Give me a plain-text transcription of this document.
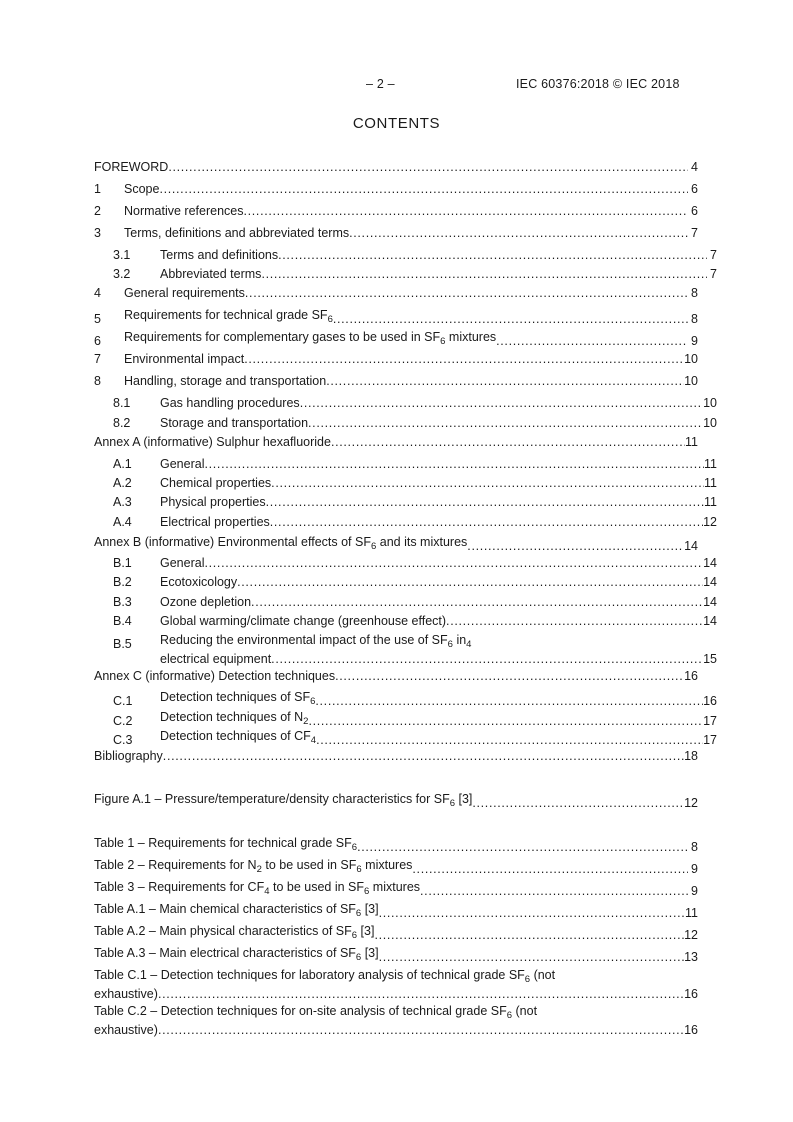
– 2 –	IEC 60376:2018 © IEC 2018
CONTENTS
FOREWORD . . .	4
1	Scope . . .	6
2	Normative references . . .	6
3	Terms, definitions and abbreviated terms . . .	7
3.1	Terms and definitions . . .	7
3.2	Abbreviated terms . . .	7
4	General requirements . . .	8
5	Requirements for technical grade $SF_6$ . . .	8
6	Requirements for complementary gases to be used in $SF_6$ mixtures . . .	9
7	Environmental impact . . .	10
8	Handling, storage and transportation . . .	10
8.1	Gas handling procedures . . .	10
8.2	Storage and transportation . . .	10
Annex A (informative) Sulphur hexafluoride . . .	11
A.1	General . . .	11
A.2	Chemical properties . . .	11
A.3	Physical properties . . .	11
A.4	Electrical properties . . .	12
Annex B (informative) Environmental effects of $SF_6$ and its mixtures . . .	14
B.1	General . . .	14
B.2	Ecotoxicology . . .	14
B.3	Ozone depletion . . .	14
B.4	Global warming/climate change (greenhouse effect) . . .	14
B.5	Reducing the environmental impact of the use of $SF_6$ $in_4$
electrical equipment . . .	15
Annex C (informative) Detection techniques . . .	16
C.1	Detection techniques of $SF_6$ . . .	16
C.2	Detection techniques of $N_2$ . . .	17
C.3	Detection techniques of $CF_4$ . . .	17
Bibliography . . .	18
Figure A.1 – Pressure/temperature/density characteristics for $SF_6$ [3] . . .	12
Table 1 – Requirements for technical grade $SF_6$ . . .	8
Table 2 – Requirements for $N_2$ to be used in $SF_6$ mixtures . . .	9
Table 3 – Requirements for $CF_4$ to be used in $SF_6$ mixtures . . .	9
Table A.1 – Main chemical characteristics of $SF_6$ [3] . . .	11
Table A.2 – Main physical characteristics of $SF_6$ [3] . . .	12
Table A.3 – Main electrical characteristics of $SF_6$ [3] . . .	13
Table C.1 – Detection techniques for laboratory analysis of technical grade $SF_6$ (not
exhaustive) . . .	16
Table C.2 – Detection techniques for on-site analysis of technical grade $SF_6$ (not
exhaustive) . . .	16
